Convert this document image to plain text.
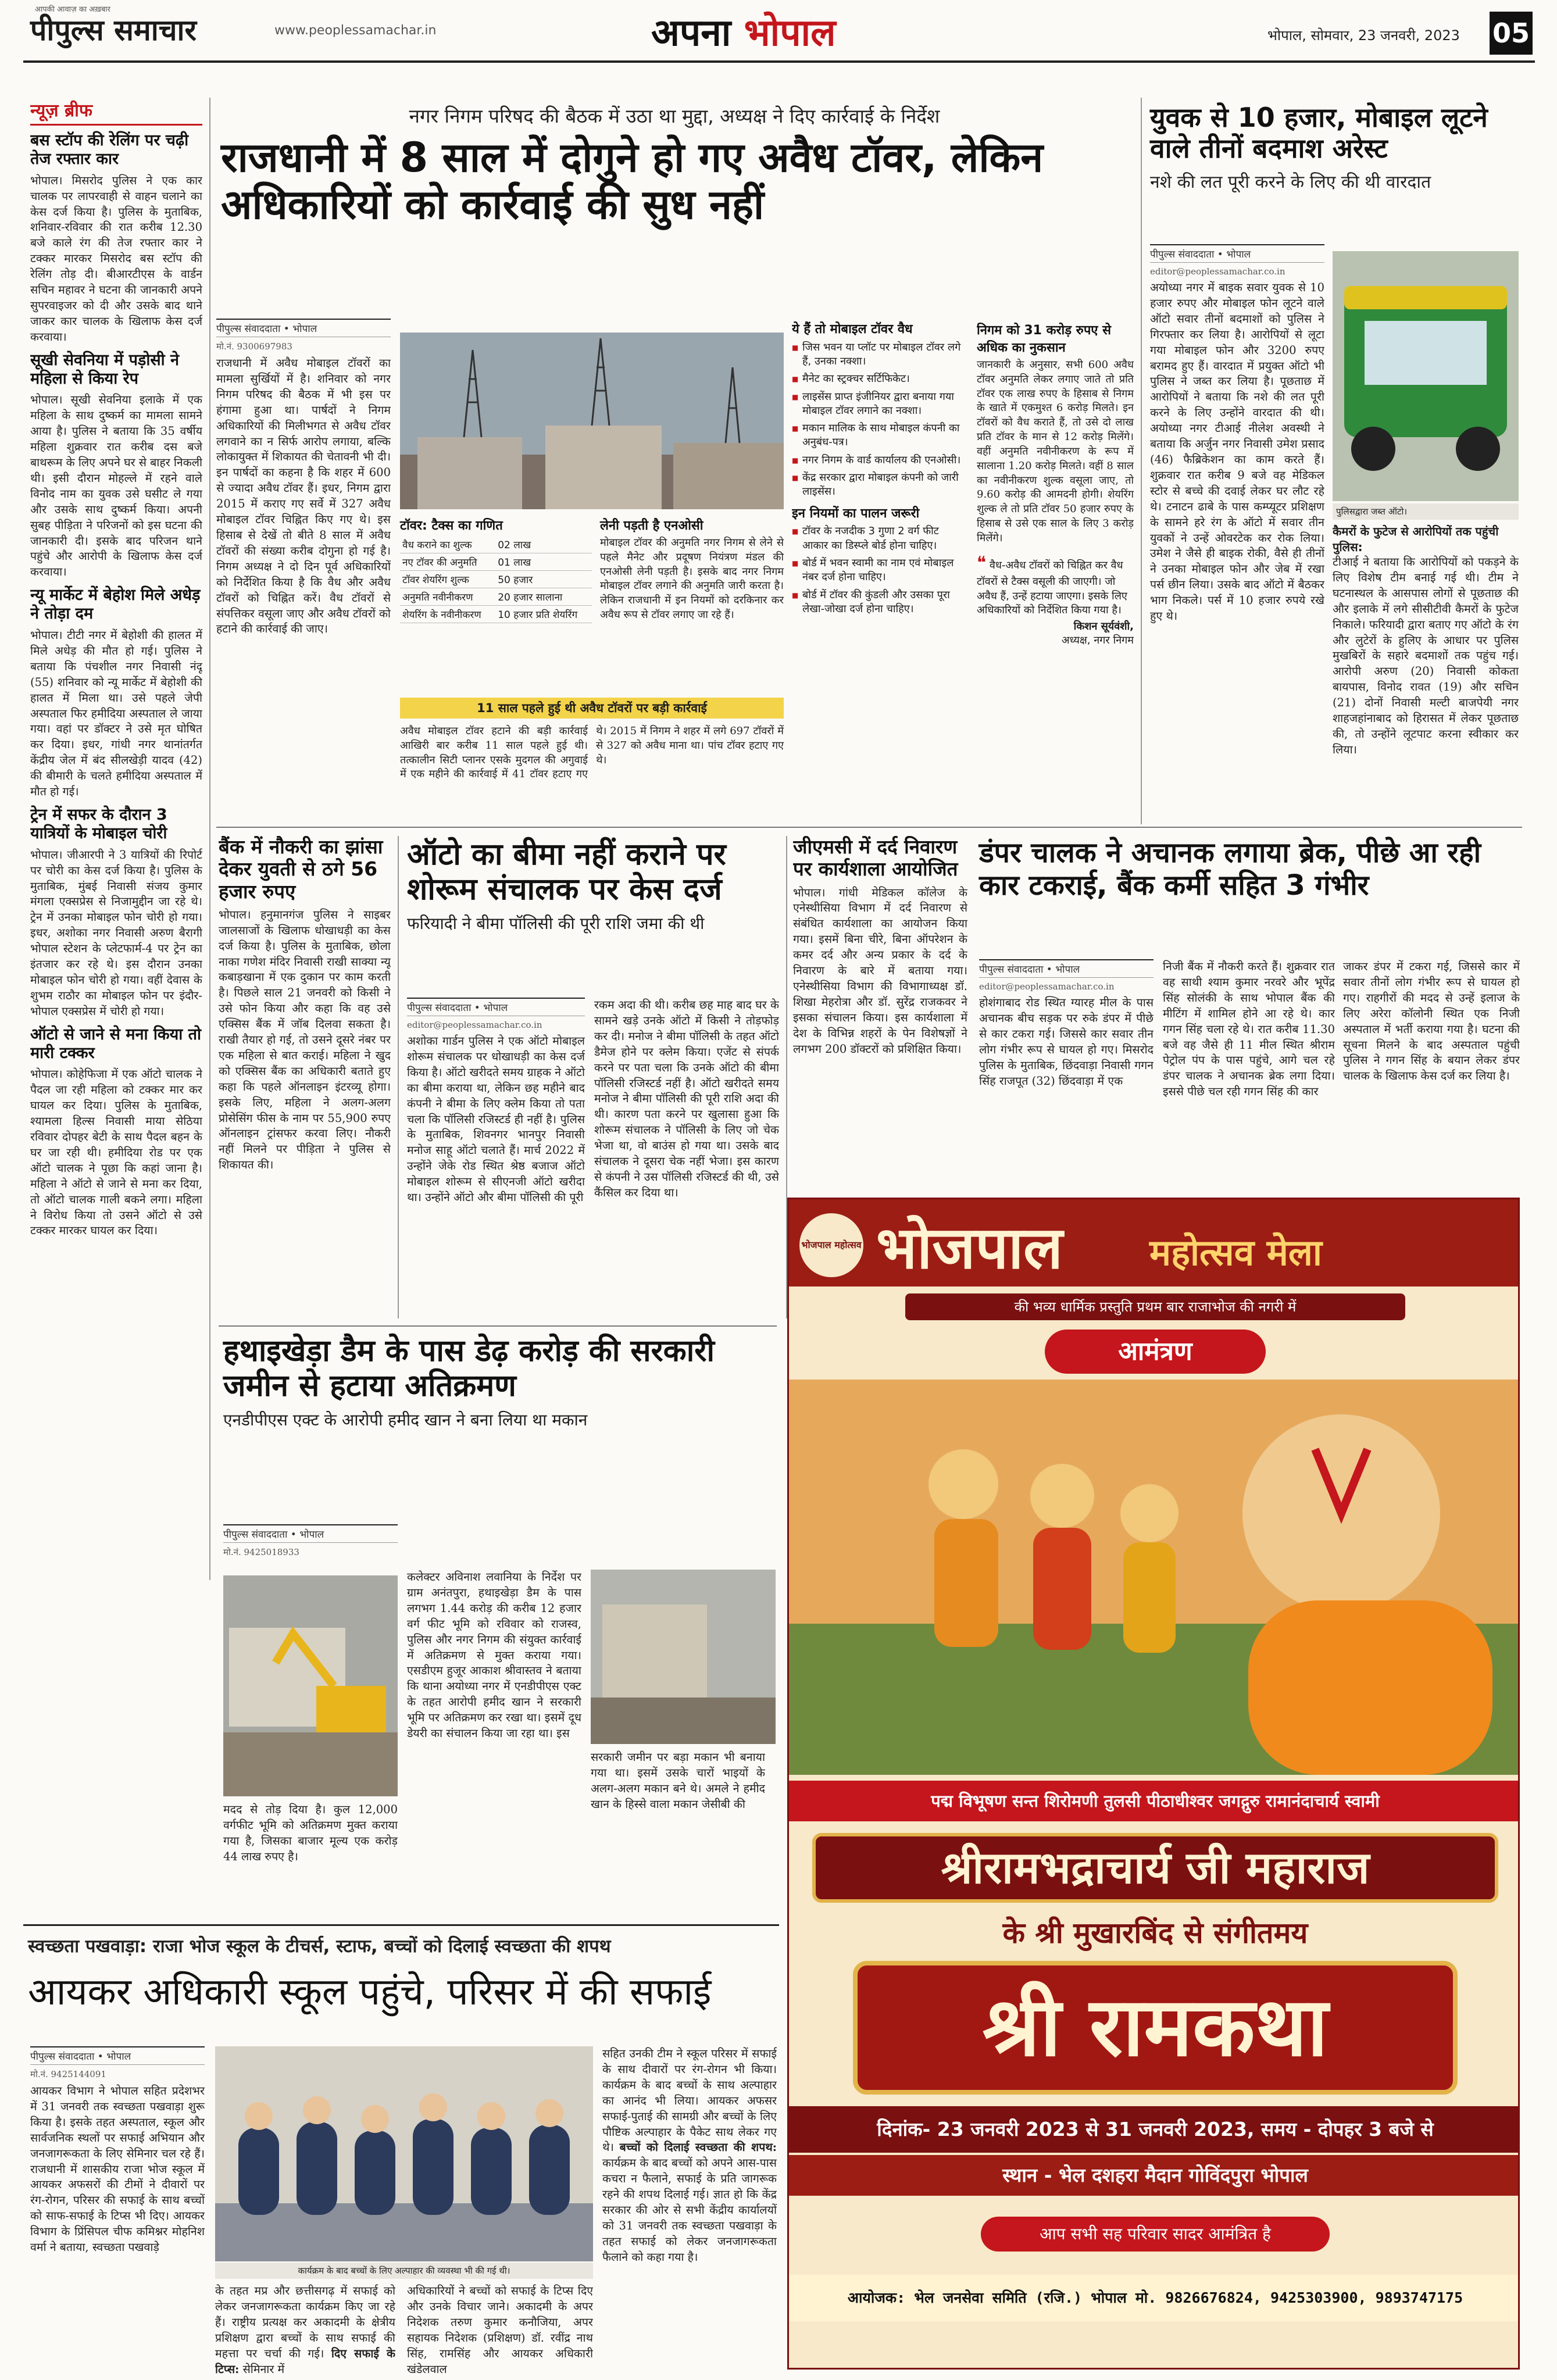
पीपुल्स समाचार
आपकी आवाज़ का अख़बार
www.peoplessamachar.in	अपना भोपाल	भोपाल, सोमवार, 23 जनवरी, 2023 05
न्यूज़ ब्रीफ
बस स्टॉप की रेलिंग पर चढ़ी तेज रफ्तार कार
भोपाल। मिसरोद पुलिस ने एक कार चालक पर लापरवाही से वाहन चलाने का केस दर्ज किया है। पुलिस के मुताबिक, शनिवार-रविवार की रात करीब 12.30 बजे काले रंग की तेज रफ्तार कार ने टक्कर मारकर मिसरोद बस स्टॉप की रेलिंग तोड़ दी। बीआरटीएस के वार्डन सचिन महावर ने घटना की जानकारी अपने सुपरवाइजर को दी और उसके बाद थाने जाकर कार चालक के खिलाफ केस दर्ज करवाया।
सूखी सेवनिया में पड़ोसी ने महिला से किया रेप
भोपाल। सूखी सेवनिया इलाके में एक महिला के साथ दुष्कर्म का मामला सामने आया है। पुलिस ने बताया कि 35 वर्षीय महिला शुक्रवार रात करीब दस बजे बाथरूम के लिए अपने घर से बाहर निकली थी। इसी दौरान मोहल्ले में रहने वाले विनोद नाम का युवक उसे घसीट ले गया और उसके साथ दुष्कर्म किया। अपनी सुबह पीड़िता ने परिजनों को इस घटना की जानकारी दी। इसके बाद परिजन थाने पहुंचे और आरोपी के खिलाफ केस दर्ज करवाया।
न्यू मार्केट में बेहोश मिले अधेड़ ने तोड़ा दम
भोपाल। टीटी नगर में बेहोशी की हालत में मिले अधेड़ की मौत हो गई। पुलिस ने बताया कि पंचशील नगर निवासी नंदू (55) शनिवार को न्यू मार्केट में बेहोशी की हालत में मिला था। उसे पहले जेपी अस्पताल फिर हमीदिया अस्पताल ले जाया गया। वहां पर डॉक्टर ने उसे मृत घोषित कर दिया। इधर, गांधी नगर थानांतर्गत केंद्रीय जेल में बंद सीलखेड़ी यादव (42) की बीमारी के चलते हमीदिया अस्पताल में मौत हो गई।
ट्रेन में सफर के दौरान 3 यात्रियों के मोबाइल चोरी
भोपाल। जीआरपी ने 3 यात्रियों की रिपोर्ट पर चोरी का केस दर्ज किया है। पुलिस के मुताबिक, मुंबई निवासी संजय कुमार मंगला एक्सप्रेस से निजामुद्दीन जा रहे थे। ट्रेन में उनका मोबाइल फोन चोरी हो गया। इधर, अशोका नगर निवासी अरुण बैरागी भोपाल स्टेशन के प्लेटफार्म-4 पर ट्रेन का इंतजार कर रहे थे। इस दौरान उनका मोबाइल फोन चोरी हो गया। वहीं देवास के शुभम राठौर का मोबाइल फोन पर इंदौर-भोपाल एक्सप्रेस में चोरी हो गया।
ऑटो से जाने से मना किया तो मारी टक्कर
भोपाल। कोहेफिजा में एक ऑटो चालक ने पैदल जा रही महिला को टक्कर मार कर घायल कर दिया। पुलिस के मुताबिक, श्यामला हिल्स निवासी माया सेठिया रविवार दोपहर बेटी के साथ पैदल बहन के घर जा रही थी। हमीदिया रोड पर एक ऑटो चालक ने पूछा कि कहां जाना है। महिला ने ऑटो से जाने से मना कर दिया, तो ऑटो चालक गाली बकने लगा। महिला ने विरोध किया तो उसने ऑटो से उसे टक्कर मारकर घायल कर दिया।
नगर निगम परिषद की बैठक में उठा था मुद्दा, अध्यक्ष ने दिए कार्रवाई के निर्देश
राजधानी में 8 साल में दोगुने हो गए अवैध टॉवर, लेकिन अधिकारियों को कार्रवाई की सुध नहीं
पीपुल्स संवाददाता • भोपाल
मो.नं. 9300697983
राजधानी में अवैध मोबाइल टॉवरों का मामला सुर्खियों में है। शनिवार को नगर निगम परिषद की बैठक में भी इस पर हंगामा हुआ था। पार्षदों ने निगम अधिकारियों की मिलीभगत से अवैध टॉवर लगवाने का न सिर्फ आरोप लगाया, बल्कि लोकायुक्त में शिकायत की चेतावनी भी दी। इन पार्षदों का कहना है कि शहर में 600 से ज्यादा अवैध टॉवर हैं। इधर, निगम द्वारा 2015 में कराए गए सर्वे में 327 अवैध मोबाइल टॉवर चिह्नित किए गए थे। इस हिसाब से देखें तो बीते 8 साल में अवैध टॉवरों की संख्या करीब दोगुना हो गई है। निगम अध्यक्ष ने दो दिन पूर्व अधिकारियों को निर्देशित किया है कि वैध और अवैध टॉवरों को चिह्नित करें। वैध टॉवरों से संपत्तिकर वसूला जाए और अवैध टॉवरों को हटाने की कार्रवाई की जाए।
टॉवर: टैक्स का गणित
वैध कराने का शुल्क	02 लाख
नए टॉवर की अनुमति	01 लाख
टॉवर शेयरिंग शुल्क	50 हजार
अनुमति नवीनीकरण	20 हजार सालाना
शेयरिंग के नवीनीकरण	10 हजार प्रति शेयरिंग
लेनी पड़ती है एनओसी
मोबाइल टॉवर की अनुमति नगर निगम से लेने से पहले मैनेट और प्रदूषण नियंत्रण मंडल की एनओसी लेनी पड़ती है। इसके बाद नगर निगम मोबाइल टॉवर लगाने की अनुमति जारी करता है। लेकिन राजधानी में इन नियमों को दरकिनार कर अवैध रूप से टॉवर लगाए जा रहे हैं।
11 साल पहले हुई थी अवैध टॉवरों पर बड़ी कार्रवाई
अवैध मोबाइल टॉवर हटाने की बड़ी कार्रवाई आखिरी बार करीब 11 साल पहले हुई थी। तत्कालीन सिटी प्लानर एसके मुदगल की अगुवाई में एक महीने की कार्रवाई में 41 टॉवर हटाए गए थे। 2015 में निगम ने शहर में लगे 697 टॉवरों में से 327 को अवैध माना था। पांच टॉवर हटाए गए थे।
ये हैं तो मोबाइल टॉवर वैध
■ जिस भवन या प्लॉट पर मोबाइल टॉवर लगे हैं, उनका नक्शा।
■ मैनेट का स्ट्रक्चर सर्टिफिकेट।
■ लाइसेंस प्राप्त इंजीनियर द्वारा बनाया गया मोबाइल टॉवर लगाने का नक्शा।
■ मकान मालिक के साथ मोबाइल कंपनी का अनुबंध-पत्र।
■ नगर निगम के वार्ड कार्यालय की एनओसी।
■ केंद्र सरकार द्वारा मोबाइल कंपनी को जारी लाइसेंस।
इन नियमों का पालन जरूरी
■ टॉवर के नजदीक 3 गुणा 2 वर्ग फीट आकार का डिस्प्ले बोर्ड होना चाहिए।
■ बोर्ड में भवन स्वामी का नाम एवं मोबाइल नंबर दर्ज होना चाहिए।
■ बोर्ड में टॉवर की कुंडली और उसका पूरा लेखा-जोखा दर्ज होना चाहिए।
निगम को 31 करोड़ रुपए से अधिक का नुकसान
जानकारी के अनुसार, सभी 600 अवैध टॉवर अनुमति लेकर लगाए जाते तो प्रति टॉवर एक लाख रुपए के हिसाब से निगम के खाते में एकमुश्त 6 करोड़ मिलते। इन टॉवरों को वैध कराते हैं, तो उसे दो लाख प्रति टॉवर के मान से 12 करोड़ मिलेंगे। वहीं अनुमति नवीनीकरण के रूप में सालाना 1.20 करोड़ मिलते। वहीं 8 साल का नवीनीकरण शुल्क वसूला जाए, तो 9.60 करोड़ की आमदनी होगी। शेयरिंग शुल्क ले तो प्रति टॉवर 50 हजार रुपए के हिसाब से उसे एक साल के लिए 3 करोड़ मिलेंगे।
❝ वैध-अवैध टॉवरों को चिह्नित कर वैध टॉवरों से टैक्स वसूली की जाएगी। जो अवैध हैं, उन्हें हटाया जाएगा। इसके लिए अधिकारियों को निर्देशित किया गया है।
किशन सूर्यवंशी,
अध्यक्ष, नगर निगम
युवक से 10 हजार, मोबाइल लूटने वाले तीनों बदमाश अरेस्ट
नशे की लत पूरी करने के लिए की थी वारदात
पीपुल्स संवाददाता • भोपाल
editor@peoplessamachar.co.in
अयोध्या नगर में बाइक सवार युवक से 10 हजार रुपए और मोबाइल फोन लूटने वाले ऑटो सवार तीनों बदमाशों को पुलिस ने गिरफ्तार कर लिया है। आरोपियों से लूटा गया मोबाइल फोन और 3200 रुपए बरामद हुए हैं। वारदात में प्रयुक्त ऑटो भी पुलिस ने जब्त कर लिया है। पूछताछ में आरोपियों ने बताया कि नशे की लत पूरी करने के लिए उन्होंने वारदात की थी। अयोध्या नगर टीआई नीलेश अवस्थी ने बताया कि अर्जुन नगर निवासी उमेश प्रसाद (46) फैब्रिकेशन का काम करते हैं। शुक्रवार रात करीब 9 बजे वह मेडिकल स्टोर से बच्चे की दवाई लेकर घर लौट रहे थे। टनाटन ढाबे के पास कम्प्यूटर प्रशिक्षण के सामने हरे रंग के ऑटो में सवार तीन युवकों ने उन्हें ओवरटेक कर रोक लिया। उमेश ने जैसे ही बाइक रोकी, वैसे ही तीनों ने उनका मोबाइल फोन और जेब में रखा पर्स छीन लिया। उसके बाद ऑटो में बैठकर भाग निकले। पर्स में 10 हजार रुपये रखे हुए थे।
पुलिसद्वारा जब्त ऑटो।
कैमरों के फुटेज से आरोपियों तक पहुंची पुलिस:
टीआई ने बताया कि आरोपियों को पकड़ने के लिए विशेष टीम बनाई गई थी। टीम ने घटनास्थल के आसपास लोगों से पूछताछ की और इलाके में लगे सीसीटीवी कैमरों के फुटेज निकाले। फरियादी द्वारा बताए गए ऑटो के रंग और लुटेरों के हुलिए के आधार पर पुलिस मुखबिरों के सहारे बदमाशों तक पहुंच गई। आरोपी अरुण (20) निवासी कोकता बायपास, विनोद रावत (19) और सचिन (21) दोनों निवासी मल्टी बाजपेयी नगर शाहजहांनाबाद को हिरासत में लेकर पूछताछ की, तो उन्होंने लूटपाट करना स्वीकार कर लिया।
बैंक में नौकरी का झांसा देकर युवती से ठगे 56 हजार रुपए
भोपाल। हनुमानगंज पुलिस ने साइबर जालसाजों के खिलाफ धोखाधड़ी का केस दर्ज किया है। पुलिस के मुताबिक, छोला नाका गणेश मंदिर निवासी राखी साक्या न्यू कबाड़खाना में एक दुकान पर काम करती है। पिछले साल 21 जनवरी को किसी ने उसे फोन किया और कहा कि वह उसे एक्सिस बैंक में जॉब दिलवा सकता है। राखी तैयार हो गई, तो उसने दूसरे नंबर पर एक महिला से बात कराई। महिला ने खुद को एक्सिस बैंक का अधिकारी बताते हुए कहा कि पहले ऑनलाइन इंटरव्यू होगा। इसके लिए, महिला ने अलग-अलग प्रोसेसिंग फीस के नाम पर 55,900 रुपए ऑनलाइन ट्रांसफर करवा लिए। नौकरी नहीं मिलने पर पीड़िता ने पुलिस से शिकायत की।
ऑटो का बीमा नहीं कराने पर शोरूम संचालक पर केस दर्ज
फरियादी ने बीमा पॉलिसी की पूरी राशि जमा की थी
पीपुल्स संवाददाता • भोपाल
editor@peoplessamachar.co.in
अशोका गार्डन पुलिस ने एक ऑटो मोबाइल शोरूम संचालक पर धोखाधड़ी का केस दर्ज किया है। ऑटो खरीदते समय ग्राहक ने ऑटो का बीमा कराया था, लेकिन छह महीने बाद कंपनी ने बीमा के लिए क्लेम किया तो पता चला कि पॉलिसी रजिस्टर्ड ही नहीं है। पुलिस के मुताबिक, शिवनगर भानपुर निवासी मनोज साहू ऑटो चलाते हैं। मार्च 2022 में उन्होंने जेके रोड स्थित श्रेष्ठ बजाज ऑटो मोबाइल शोरूम से सीएनजी ऑटो खरीदा था। उन्होंने ऑटो और बीमा पॉलिसी की पूरी
रकम अदा की थी। करीब छह माह बाद घर के सामने खड़े उनके ऑटो में किसी ने तोड़फोड़ कर दी। मनोज ने बीमा पॉलिसी के तहत ऑटो डैमेज होने पर क्लेम किया। एजेंट से संपर्क करने पर पता चला कि उनके ऑटो की बीमा पॉलिसी रजिस्टर्ड नहीं है। ऑटो खरीदते समय मनोज ने बीमा पॉलिसी की पूरी राशि अदा की थी। कारण पता करने पर खुलासा हुआ कि शोरूम संचालक ने पॉलिसी के लिए जो चेक भेजा था, वो बाउंस हो गया था। उसके बाद संचालक ने दूसरा चेक नहीं भेजा। इस कारण से कंपनी ने उस पॉलिसी रजिस्टर्ड की थी, उसे कैंसिल कर दिया था।
जीएमसी में दर्द निवारण पर कार्यशाला आयोजित
भोपाल। गांधी मेडिकल कॉलेज के एनेस्थीसिया विभाग में दर्द निवारण से संबंधित कार्यशाला का आयोजन किया गया। इसमें बिना चीरे, बिना ऑपरेशन के कमर दर्द और अन्य प्रकार के दर्द के निवारण के बारे में बताया गया। एनेस्थीसिया विभाग की विभागाध्यक्ष डॉ. शिखा मेहरोत्रा और डॉ. सुरेंद्र राजकवर ने इसका संचालन किया। इस कार्यशाला में देश के विभिन्न शहरों के पेन विशेषज्ञों ने लगभग 200 डॉक्टरों को प्रशिक्षित किया।
डंपर चालक ने अचानक लगाया ब्रेक, पीछे आ रही कार टकराई, बैंक कर्मी सहित 3 गंभीर
पीपुल्स संवाददाता • भोपाल
editor@peoplessamachar.co.in
होशंगाबाद रोड स्थित ग्यारह मील के पास अचानक बीच सड़क पर रुके डंपर में पीछे से कार टकरा गई। जिससे कार सवार तीन लोग गंभीर रूप से घायल हो गए। मिसरोद पुलिस के मुताबिक, छिंदवाड़ा निवासी गगन सिंह राजपूत (32) छिंदवाड़ा में एक
निजी बैंक में नौकरी करते हैं। शुक्रवार रात वह साथी श्याम कुमार नरवरे और भूपेंद्र सिंह सोलंकी के साथ भोपाल बैंक की मीटिंग में शामिल होने आ रहे थे। कार गगन सिंह चला रहे थे। रात करीब 11.30 बजे वह जैसे ही 11 मील स्थित श्रीराम पेट्रोल पंप के पास पहुंचे, आगे चल रहे डंपर चालक ने अचानक ब्रेक लगा दिया। इससे पीछे चल रही गगन सिंह की कार
जाकर डंपर में टकरा गई, जिससे कार में सवार तीनों लोग गंभीर रूप से घायल हो गए। राहगीरों की मदद से उन्हें इलाज के लिए अरेरा कॉलोनी स्थित एक निजी अस्पताल में भर्ती कराया गया है। घटना की सूचना मिलने के बाद अस्पताल पहुंची पुलिस ने गगन सिंह के बयान लेकर डंपर चालक के खिलाफ केस दर्ज कर लिया है।
हथाइखेड़ा डैम के पास डेढ़ करोड़ की सरकारी जमीन से हटाया अतिक्रमण
एनडीपीएस एक्ट के आरोपी हमीद खान ने बना लिया था मकान
पीपुल्स संवाददाता • भोपाल
मो.नं. 9425018933
कलेक्टर अविनाश लवानिया के निर्देश पर ग्राम अनंतपुरा, हथाइखेड़ा डैम के पास लगभग 1.44 करोड़ की करीब 12 हजार वर्ग फीट भूमि को रविवार को राजस्व, पुलिस और नगर निगम की संयुक्त कार्रवाई में अतिक्रमण से मुक्त कराया गया। एसडीएम हुजूर आकाश श्रीवास्तव ने बताया कि थाना अयोध्या नगर में एनडीपीएस एक्ट के तहत आरोपी हमीद खान ने सरकारी भूमि पर अतिक्रमण कर रखा था। इसमें दूध डेयरी का संचालन किया जा रहा था। इस
सरकारी जमीन पर बड़ा मकान भी बनाया गया था। इसमें उसके चारों भाइयों के अलग-अलग मकान बने थे। अमले ने हमीद खान के हिस्से वाला मकान जेसीबी की
मदद से तोड़ दिया है। कुल 12,000 वर्गफीट भूमि को अतिक्रमण मुक्त कराया गया है, जिसका बाजार मूल्य एक करोड़ 44 लाख रुपए है।
भोजपाल महोत्सव भोजपाल महोत्सव मेला
की भव्य धार्मिक प्रस्तुति प्रथम बार राजाभोज की नगरी में
आमंत्रण
पद्म विभूषण सन्त शिरोमणी तुलसी पीठाधीश्वर जगद्गुरु रामानंदाचार्य स्वामी
श्रीरामभद्राचार्य जी महाराज
के श्री मुखारबिंद से संगीतमय
श्री रामकथा
दिनांक- 23 जनवरी 2023 से 31 जनवरी 2023, समय - दोपहर 3 बजे से
स्थान - भेल दशहरा मैदान गोविंदपुरा भोपाल
आप सभी सह परिवार सादर आमंत्रित है
आयोजक: भेल जनसेवा समिति (रजि.) भोपाल मो. 9826676824, 9425303900, 9893747175
स्वच्छता पखवाड़ा: राजा भोज स्कूल के टीचर्स, स्टाफ, बच्चों को दिलाई स्वच्छता की शपथ
आयकर अधिकारी स्कूल पहुंचे, परिसर में की सफाई
पीपुल्स संवाददाता • भोपाल
मो.नं. 9425144091
आयकर विभाग ने भोपाल सहित प्रदेशभर में 31 जनवरी तक स्वच्छता पखवाड़ा शुरू किया है। इसके तहत अस्पताल, स्कूल और सार्वजनिक स्थलों पर सफाई अभियान और जनजागरूकता के लिए सेमिनार चल रहे हैं। राजधानी में शासकीय राजा भोज स्कूल में आयकर अफसरों की टीमों ने दीवारों पर रंग-रोगन, परिसर की सफाई के साथ बच्चों को साफ-सफाई के टिप्स भी दिए। आयकर विभाग के प्रिंसिपल चीफ कमिश्नर मोहनिश वर्मा ने बताया, स्वच्छता पखवाड़े
कार्यक्रम के बाद बच्चों के लिए अल्पाहार की व्यवस्था भी की गई थी।
के तहत मप्र और छत्तीसगढ़ में सफाई को लेकर जनजागरूकता कार्यक्रम किए जा रहे हैं। राष्ट्रीय प्रत्यक्ष कर अकादमी के क्षेत्रीय प्रशिक्षण द्वारा बच्चों के साथ सफाई की महत्ता पर चर्चा की गई। दिए सफाई के टिप्स: सेमिनार में
अधिकारियों ने बच्चों को सफाई के टिप्स दिए और उनके विचार जाने। अकादमी के अपर निदेशक तरुण कुमार कनौजिया, अपर सहायक निदेशक (प्रशिक्षण) डॉ. रवींद्र नाथ सिंह, रामसिंह और आयकर अधिकारी खंडेलवाल
सहित उनकी टीम ने स्कूल परिसर में सफाई के साथ दीवारों पर रंग-रोगन भी किया। कार्यक्रम के बाद बच्चों के साथ अल्पाहार का आनंद भी लिया। आयकर अफसर सफाई-पुताई की सामग्री और बच्चों के लिए पौष्टिक अल्पाहार के पैकेट साथ लेकर गए थे। बच्चों को दिलाई स्वच्छता की शपथ: कार्यक्रम के बाद बच्चों को अपने आस-पास कचरा न फैलाने, सफाई के प्रति जागरूक रहने की शपथ दिलाई गई। ज्ञात हो कि केंद्र सरकार की ओर से सभी केंद्रीय कार्यालयों को 31 जनवरी तक स्वच्छता पखवाड़ा के तहत सफाई को लेकर जनजागरूकता फैलाने को कहा गया है।
